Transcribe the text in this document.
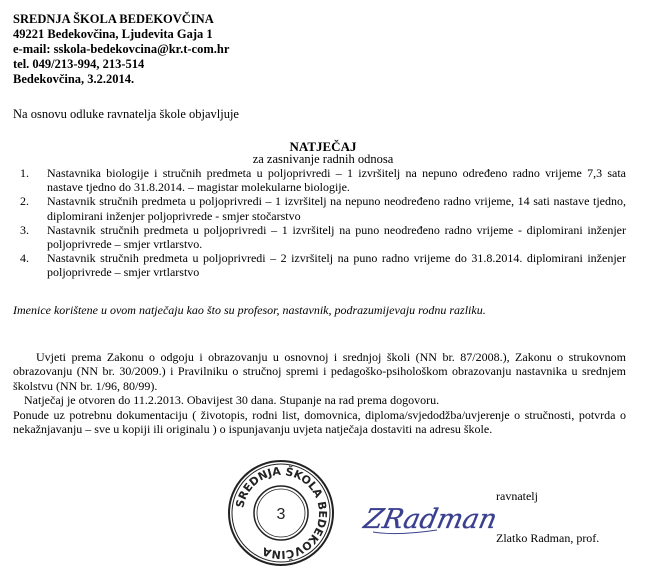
SREDNJA ŠKOLA BEDEKOVČINA
49221 Bedekovčina, Ljudevita Gaja 1
e-mail: sskola-bedekovcina@kr.t-com.hr
tel. 049/213-994, 213-514
Bedekovčina, 3.2.2014.
Na osnovu odluke ravnatelja škole objavljuje
NATJEČAJ
za zasnivanje radnih odnosa
1.	Nastavnika biologije i stručnih predmeta u poljoprivredi – 1 izvršitelj na nepuno određeno radno vrijeme 7,3 sata nastave tjedno do 31.8.2014. – magistar molekularne biologije.
2.	Nastavnik stručnih predmeta u poljoprivredi – 1 izvršitelj na nepuno neodređeno radno vrijeme, 14 sati nastave tjedno, diplomirani inženjer poljoprivrede - smjer stočarstvo
3.	Nastavnik stručnih predmeta u poljoprivredi – 1 izvršitelj na puno neodređeno radno vrijeme - diplomirani inženjer poljoprivrede – smjer vrtlarstvo.
4.	Nastavnik stručnih predmeta u poljoprivredi – 2 izvršitelj na puno radno vrijeme do 31.8.2014. diplomirani inženjer poljoprivrede – smjer vrtlarstvo
Imenice korištene u ovom natječaju kao što su profesor, nastavnik, podrazumijevaju rodnu razliku.

Uvjeti prema Zakonu o odgoju i obrazovanju u osnovnoj i srednjoj školi (NN br. 87/2008.), Zakonu o strukovnom obrazovanju (NN br. 30/2009.) i Pravilniku o stručnoj spremi i pedagoško-psihološkom obrazovanju nastavnika u srednjem školstvu (NN br. 1/96, 80/99).

Natječaj je otvoren do 11.2.2013. Obavijest 30 dana. Stupanje na rad prema dogovoru.

Ponude uz potrebnu dokumentaciju ( životopis, rodni list, domovnica, diploma/svjedodžba/uvjerenje o stručnosti, potvrda o nekažnjavanju – sve u kopiji ili originalu ) o ispunjavanju uvjeta natječaja dostaviti na adresu škole.

SREDNJA ŠKOLA BEDEKOVČINA
3	ZRadman
ravnatelj
Zlatko Radman, prof.
